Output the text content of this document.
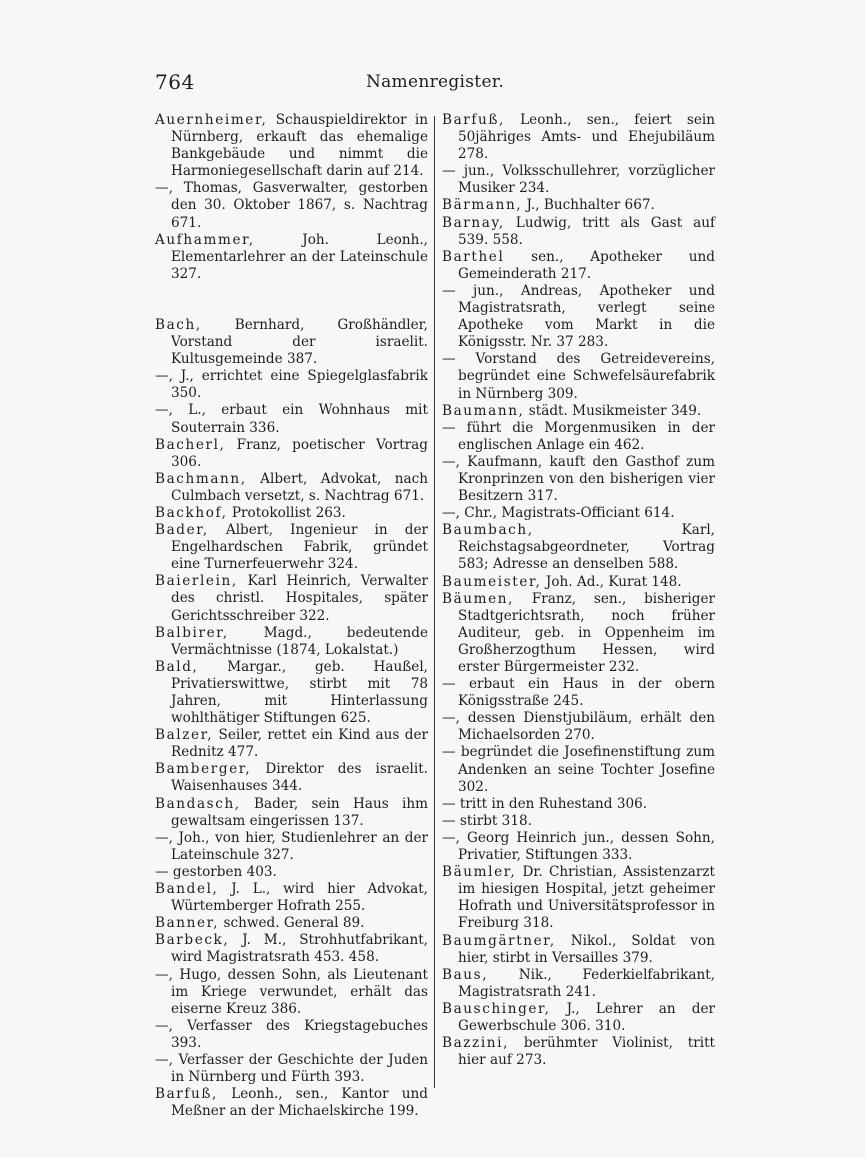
764	Namenregister.
Auernheimer, Schauspieldirektor in Nürnberg, erkauft das ehemalige Bankgebäude und nimmt die Harmoniegesellschaft darin auf 214.
—, Thomas, Gasverwalter, gestorben den 30. Oktober 1867, s. Nachtrag 671.
Aufhammer, Joh. Leonh., Elementarlehrer an der Lateinschule 327.
Bach, Bernhard, Großhändler, Vorstand der israelit. Kultusgemeinde 387.
—, J., errichtet eine Spiegelglasfabrik 350.
—, L., erbaut ein Wohnhaus mit Souterrain 336.
Bacherl, Franz, poetischer Vortrag 306.
Bachmann, Albert, Advokat, nach Culmbach versetzt, s. Nachtrag 671.
Backhof, Protokollist 263.
Bader, Albert, Ingenieur in der Engelhardschen Fabrik, gründet eine Turnerfeuerwehr 324.
Baierlein, Karl Heinrich, Verwalter des christl. Hospitales, später Gerichtsschreiber 322.
Balbirer, Magd., bedeutende Vermächtnisse (1874, Lokalstat.)
Bald, Margar., geb. Haußel, Privatierswittwe, stirbt mit 78 Jahren, mit Hinterlassung wohlthätiger Stiftungen 625.
Balzer, Seiler, rettet ein Kind aus der Rednitz 477.
Bamberger, Direktor des israelit. Waisenhauses 344.
Bandasch, Bader, sein Haus ihm gewaltsam eingerissen 137.
—, Joh., von hier, Studienlehrer an der Lateinschule 327.
— gestorben 403.
Bandel, J. L., wird hier Advokat, Würtemberger Hofrath 255.
Banner, schwed. General 89.
Barbeck, J. M., Strohhutfabrikant, wird Magistratsrath 453. 458.
—, Hugo, dessen Sohn, als Lieutenant im Kriege verwundet, erhält das eiserne Kreuz 386.
—, Verfasser des Kriegstagebuches 393.
—, Verfasser der Geschichte der Juden in Nürnberg und Fürth 393.
Barfuß, Leonh., sen., Kantor und Meßner an der Michaelskirche 199.
Barfuß, Leonh., sen., feiert sein 50jähriges Amts- und Ehejubiläum 278.
— jun., Volksschullehrer, vorzüglicher Musiker 234.
Bärmann, J., Buchhalter 667.
Barnay, Ludwig, tritt als Gast auf 539. 558.
Barthel sen., Apotheker und Gemeinderath 217.
— jun., Andreas, Apotheker und Magistratsrath, verlegt seine Apotheke vom Markt in die Königsstr. Nr. 37 283.
— Vorstand des Getreidevereins, begründet eine Schwefelsäurefabrik in Nürnberg 309.
Baumann, städt. Musikmeister 349.
— führt die Morgenmusiken in der englischen Anlage ein 462.
—, Kaufmann, kauft den Gasthof zum Kronprinzen von den bisherigen vier Besitzern 317.
—, Chr., Magistrats-Officiant 614.
Baumbach, Karl, Reichstagsabgeordneter, Vortrag 583; Adresse an denselben 588.
Baumeister, Joh. Ad., Kurat 148.
Bäumen, Franz, sen., bisheriger Stadtgerichtsrath, noch früher Auditeur, geb. in Oppenheim im Großherzogthum Hessen, wird erster Bürgermeister 232.
— erbaut ein Haus in der obern Königsstraße 245.
—, dessen Dienstjubiläum, erhält den Michaelsorden 270.
— begründet die Josefinenstiftung zum Andenken an seine Tochter Josefine 302.
— tritt in den Ruhestand 306.
— stirbt 318.
—, Georg Heinrich jun., dessen Sohn, Privatier, Stiftungen 333.
Bäumler, Dr. Christian, Assistenzarzt im hiesigen Hospital, jetzt geheimer Hofrath und Universitätsprofessor in Freiburg 318.
Baumgärtner, Nikol., Soldat von hier, stirbt in Versailles 379.
Baus, Nik., Federkielfabrikant, Magistratsrath 241.
Bauschinger, J., Lehrer an der Gewerbschule 306. 310.
Bazzini, berühmter Violinist, tritt hier auf 273.
